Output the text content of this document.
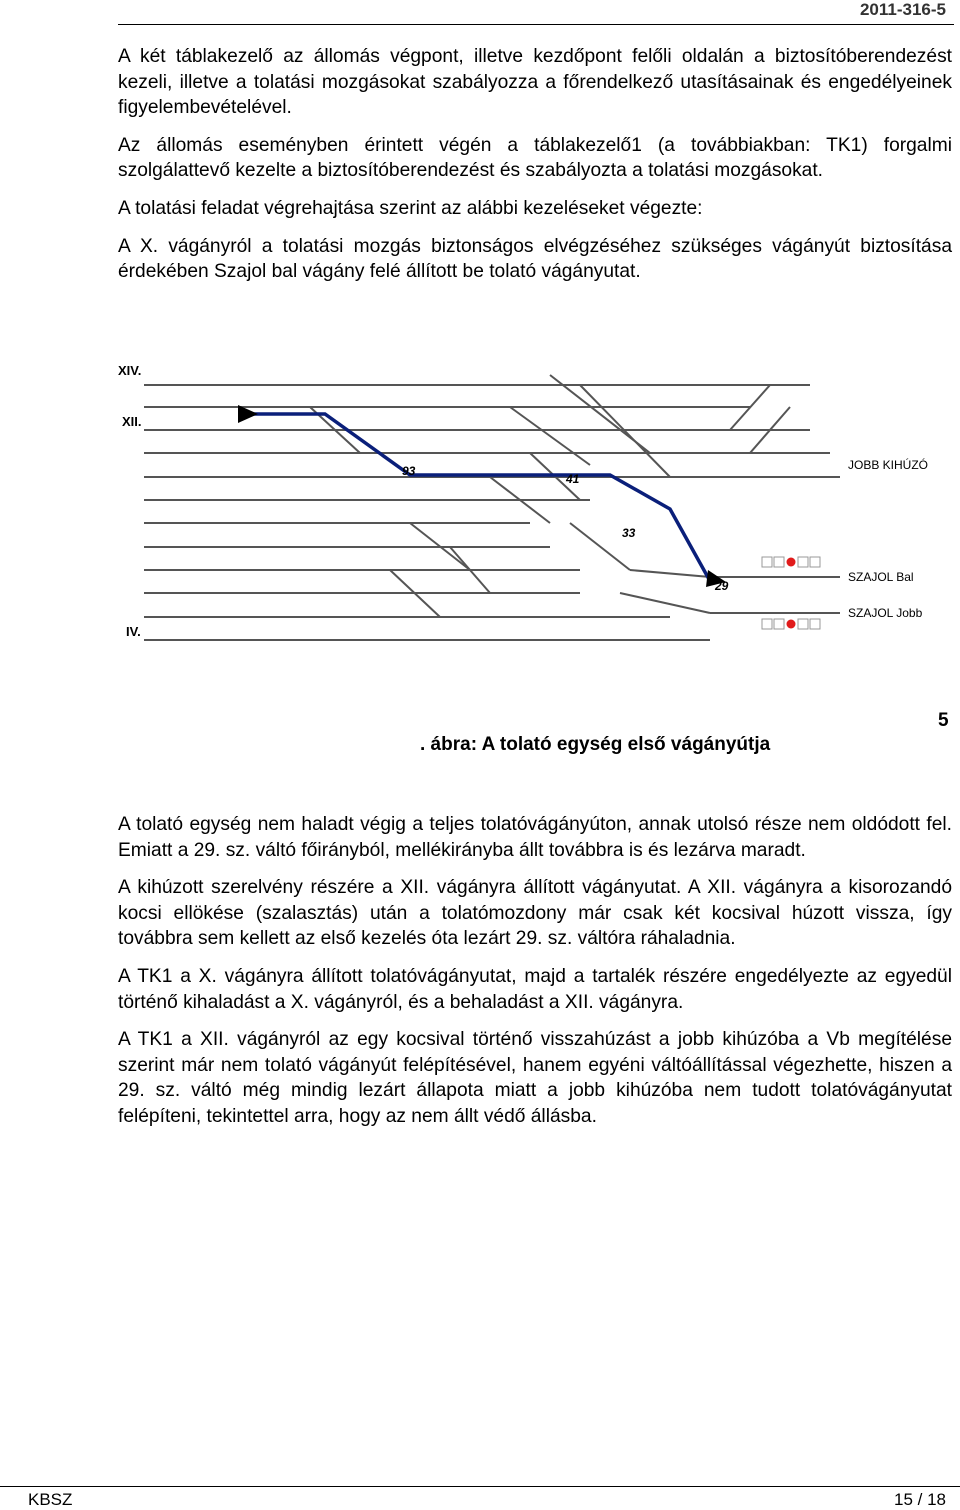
2011-316-5

A két táblakezelő az állomás végpont, illetve kezdőpont felőli oldalán a biztosítóberendezést kezeli, illetve a tolatási mozgásokat szabályozza a főrendelkező utasításainak és engedélyeinek figyelembevételével.

Az állomás eseményben érintett végén a táblakezelő1 (a továbbiakban: TK1) forgalmi szolgálattevő kezelte a biztosítóberendezést és szabályozta a tolatási mozgásokat.

A tolatási feladat végrehajtása szerint az alábbi kezeléseket végezte:

A X. vágányról a tolatási mozgás biztonságos elvégzéséhez szükséges vágányút biztosítása érdekében Szajol bal vágány felé állított be tolató vágányutat.

XIV.
XII.
IV.
93
41
33
29
JOBB KIHÚZÓ
SZAJOL Bal
SZAJOL Jobb
. ábra: A tolató egység első vágányútja
5

A tolató egység nem haladt végig a teljes tolatóvágányúton, annak utolsó része nem oldódott fel. Emiatt a 29. sz. váltó főirányból, mellékirányba állt továbbra is és lezárva maradt.

A kihúzott szerelvény részére a XII. vágányra állított vágányutat. A XII. vágányra a kisorozandó kocsi ellökése (szalasztás) után a tolatómozdony már csak két kocsival húzott vissza, így továbbra sem kellett az első kezelés óta lezárt 29. sz. váltóra ráhaladnia.

A TK1 a X. vágányra állított tolatóvágányutat, majd a tartalék részére engedélyezte az egyedül történő kihaladást a X. vágányról, és a behaladást a XII. vágányra.

A TK1 a XII. vágányról az egy kocsival történő visszahúzást a jobb kihúzóba a Vb megítélése szerint már nem tolató vágányút felépítésével, hanem egyéni váltóállítással végezhette, hiszen a 29. sz. váltó még mindig lezárt állapota miatt a jobb kihúzóba nem tudott tolatóvágányutat felépíteni, tekintettel arra, hogy az nem állt védő állásba.

KBSZ	15 / 18
